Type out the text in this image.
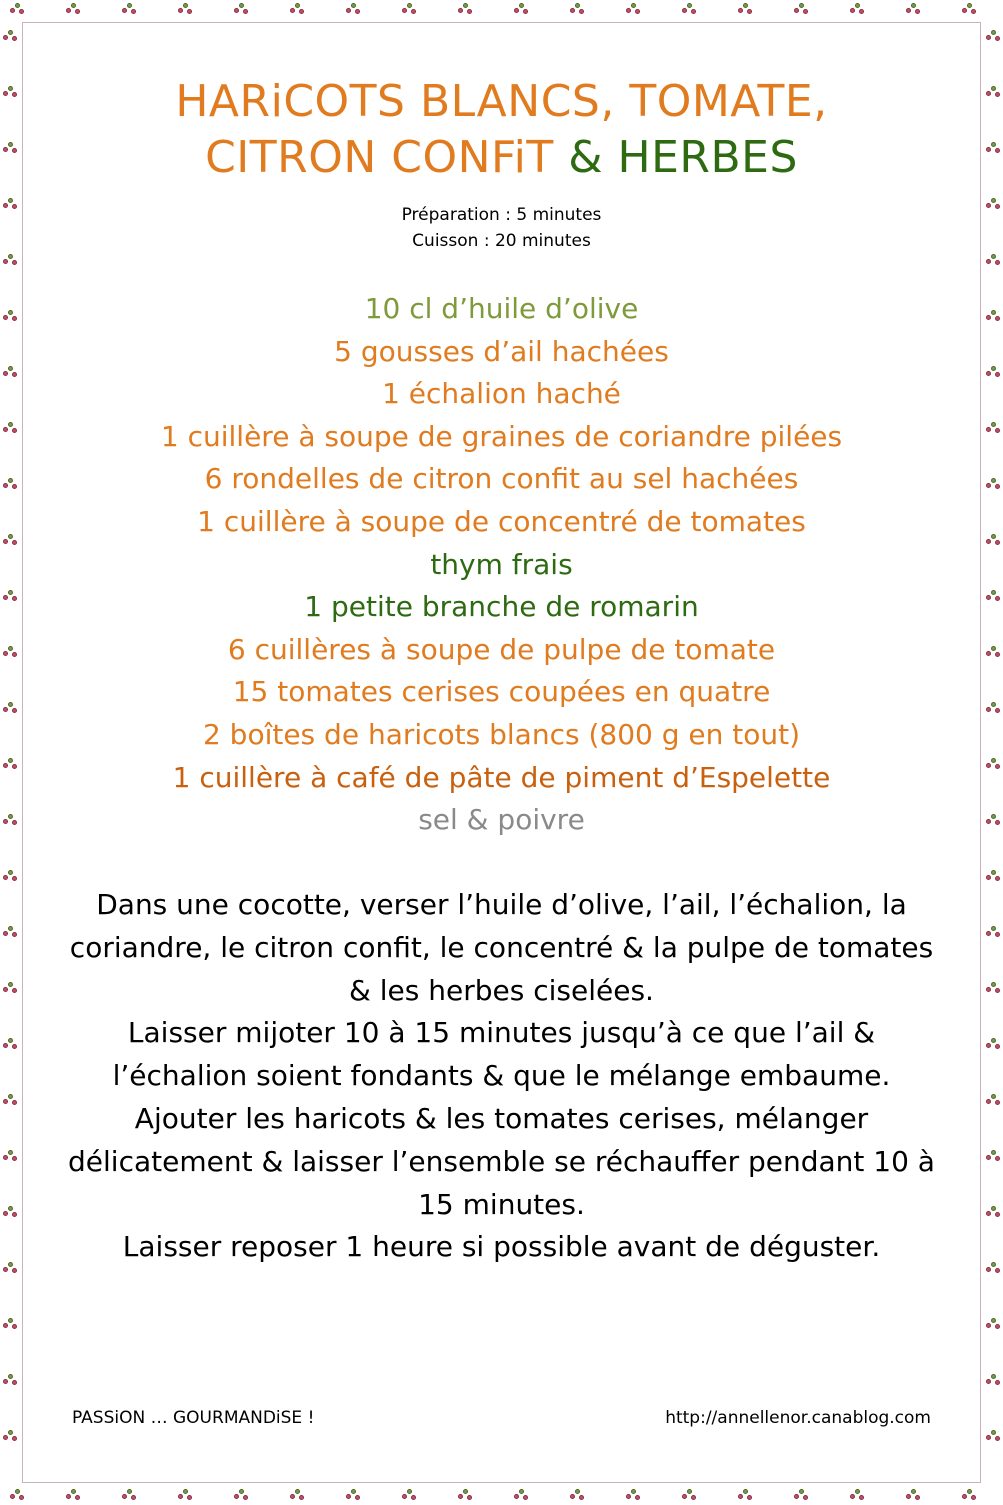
HARiCOTS BLANCS, TOMATE,
CITRON CONFiT & HERBES
Préparation : 5 minutes
Cuisson : 20 minutes
10 cl d’huile d’olive
5 gousses d’ail hachées
1 échalion haché
1 cuillère à soupe de graines de coriandre pilées
6 rondelles de citron confit au sel hachées
1 cuillère à soupe de concentré de tomates
thym frais
1 petite branche de romarin
6 cuillères à soupe de pulpe de tomate
15 tomates cerises coupées en quatre
2 boîtes de haricots blancs (800 g en tout)
1 cuillère à café de pâte de piment d’Espelette
sel & poivre

Dans une cocotte, verser l’huile d’olive, l’ail, l’échalion, la coriandre, le citron confit, le concentré & la pulpe de tomates & les herbes ciselées.

Laisser mijoter 10 à 15 minutes jusqu’à ce que l’ail & l’échalion soient fondants & que le mélange embaume.

Ajouter les haricots & les tomates cerises, mélanger délicatement & laisser l’ensemble se réchauffer pendant 10 à 15 minutes.

Laisser reposer 1 heure si possible avant de déguster.

PASSiON … GOURMANDiSE !	http://annellenor.canablog.com
